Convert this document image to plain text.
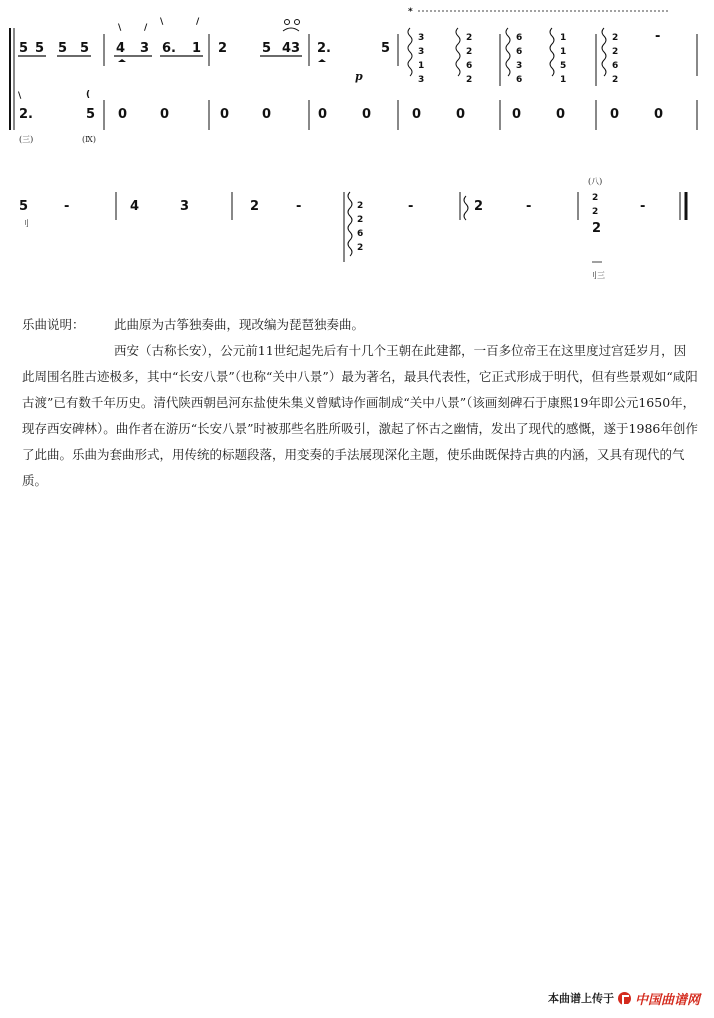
*
5 5 5 5 4 3 6. 1
\	/
\	/
2	5 43 2.	5
p
3
3
1
3
2
2
6
2
6
6
3
6
1
1
5
1
2
2
6
2
-
2.	5
(三)	(Ⅸ)
\	(
0	0	0	0	0	0	0	0	0	0	0	0
5	-
刂
4	3	2	-	2
2
6
2
-	2	-
(八)
2
2
2
-
刂三

乐曲说明： 此曲原为古筝独奏曲，现改编为琵琶独奏曲。

西安（古称长安），公元前11世纪起先后有十几个王朝在此建都，一百多位帝王在这里度过宫廷岁月，因此周围名胜古迹极多，其中“长安八景”（也称“关中八景”）最为著名，最具代表性，它正式形成于明代，但有些景观如“咸阳古渡”已有数千年历史。清代陕西朝邑河东盐使朱集义曾赋诗作画制成“关中八景”（该画刻碑石于康熙19年即公元1650年，现存西安碑林）。曲作者在游历“长安八景”时被那些名胜所吸引，激起了怀古之幽情，发出了现代的感慨，遂于1986年创作了此曲。乐曲为套曲形式，用传统的标题段落，用变奏的手法展现深化主题，使乐曲既保持古典的内涵，又具有现代的气质。

本曲谱上传于 中国曲谱网
